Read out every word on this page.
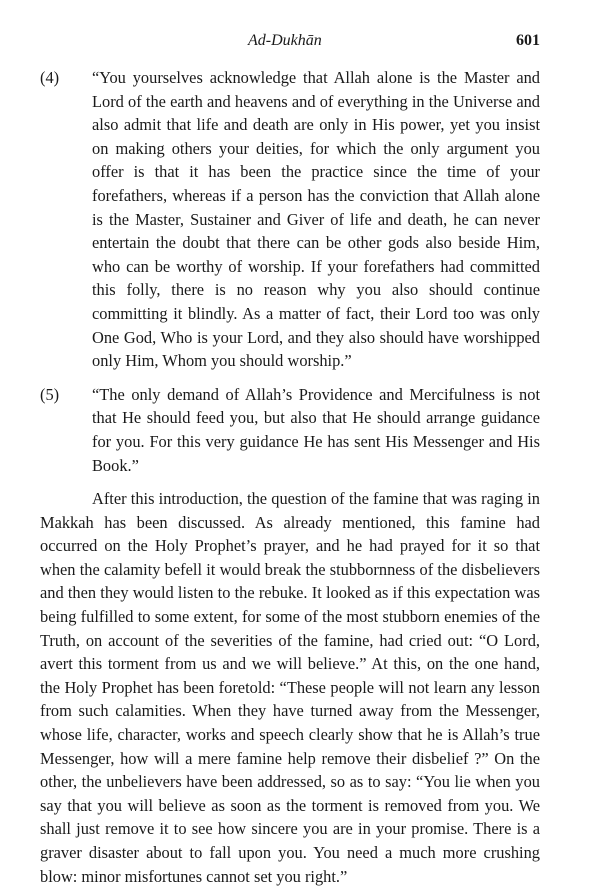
Ad-Dukhān	601
(4)	“You yourselves acknowledge that Allah alone is the Master and Lord of the earth and heavens and of everything in the Universe and also admit that life and death are only in His power, yet you insist on making others your deities, for which the only argument you offer is that it has been the practice since the time of your forefathers, whereas if a person has the conviction that Allah alone is the Master, Sustainer and Giver of life and death, he can never entertain the doubt that there can be other gods also beside Him, who can be worthy of worship. If your forefathers had committed this folly, there is no reason why you also should continue committing it blindly. As a matter of fact, their Lord too was only One God, Who is your Lord, and they also should have worshipped only Him, Whom you should worship.”
(5)	“The only demand of Allah’s Providence and Mercifulness is not that He should feed you, but also that He should arrange guidance for you. For this very guidance He has sent His Messenger and His Book.”

After this introduction, the question of the famine that was raging in Makkah has been discussed. As already mentioned, this famine had occurred on the Holy Prophet’s prayer, and he had prayed for it so that when the calamity befell it would break the stubbornness of the disbelievers and then they would listen to the rebuke. It looked as if this expectation was being fulfilled to some extent, for some of the most stubborn enemies of the Truth, on account of the severities of the famine, had cried out: “O Lord, avert this torment from us and we will believe.” At this, on the one hand, the Holy Prophet has been foretold: “These people will not learn any lesson from such calamities. When they have turned away from the Messenger, whose life, character, works and speech clearly show that he is Allah’s true Messenger, how will a mere famine help remove their disbelief ?” On the other, the unbelievers have been addressed, so as to say: “You lie when you say that you will believe as soon as the torment is removed from you. We shall just remove it to see how sincere you are in your promise. There is a graver disaster about to fall upon you. You need a much more crushing blow: minor misfortunes cannot set you right.”
